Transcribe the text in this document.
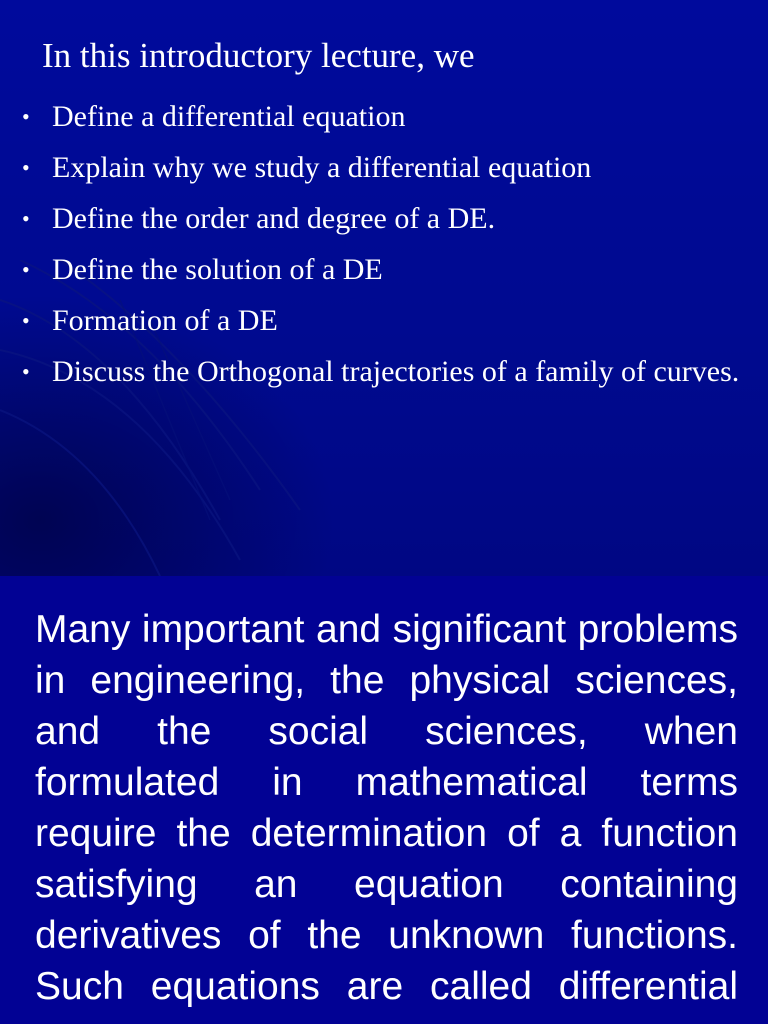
In this introductory lecture, we
• Define a differential equation
• Explain why we study a differential equation
• Define the order and degree of a DE.
• Define the solution of a DE
• Formation of a DE
• Discuss the Orthogonal trajectories of a family of curves.

Many important and significant problems in engineering, the physical sciences, and the social sciences, when formulated in mathematical terms require the determination of a function satisfying an equation containing derivatives of the unknown functions. Such equations are called differential
